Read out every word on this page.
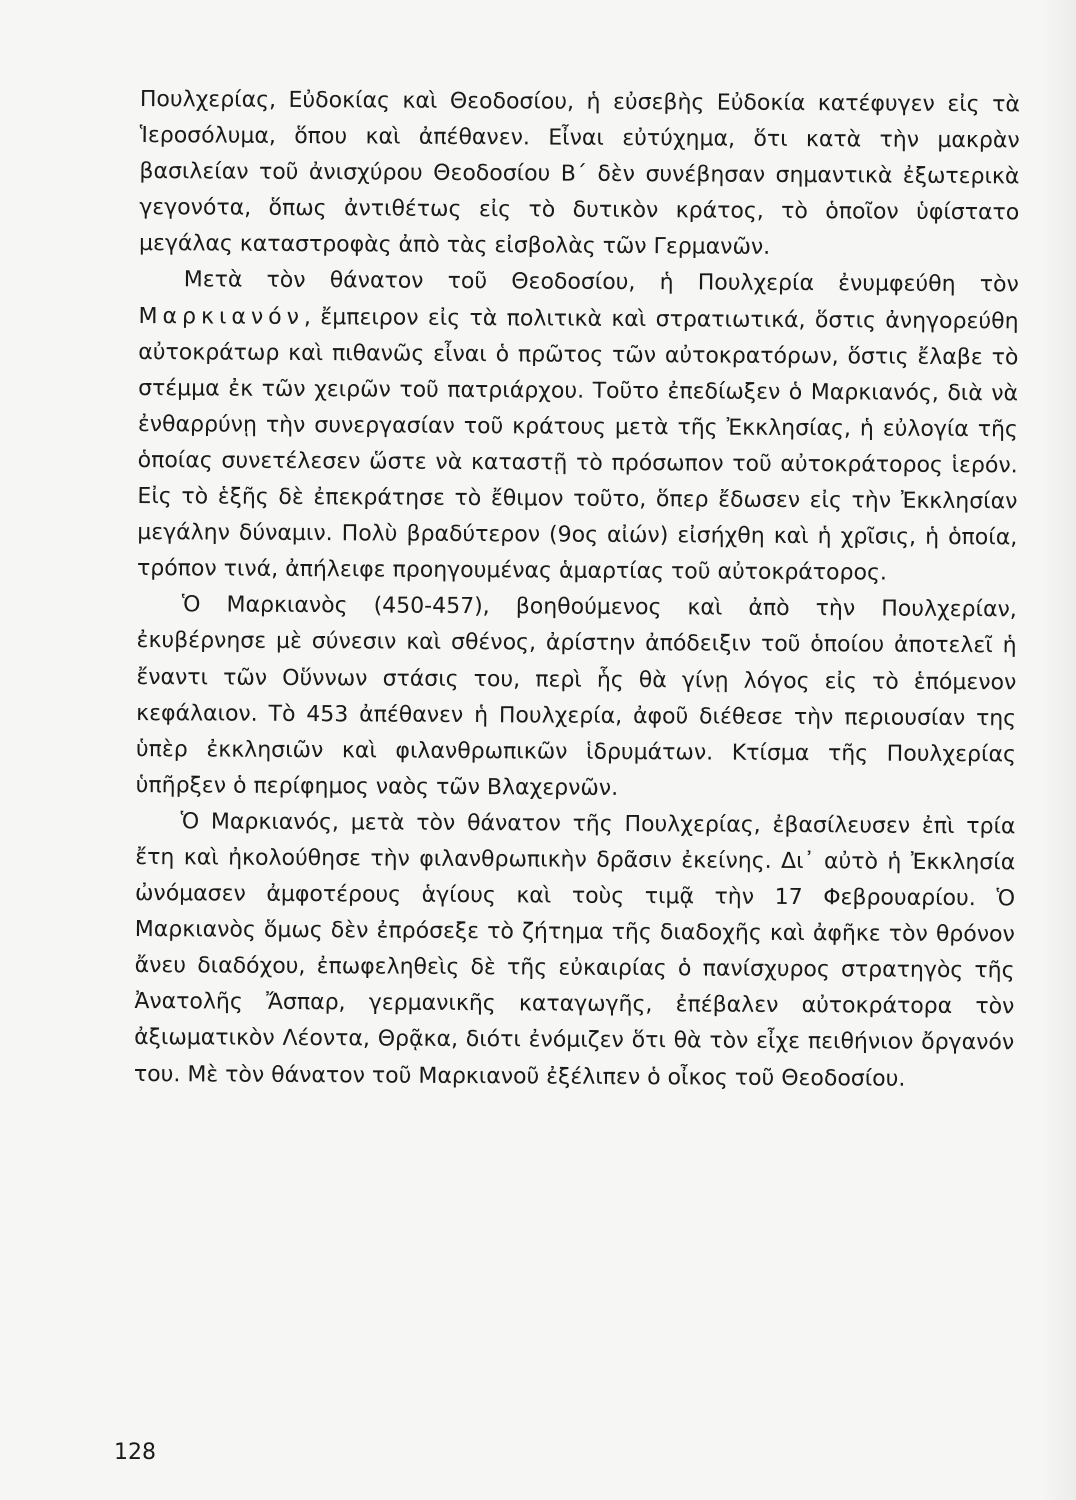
Πουλχερίας, Εὐδοκίας καὶ Θεοδοσίου, ἡ εὐσεβὴς Εὐδοκία κατέφυγεν εἰς τὰ Ἱεροσόλυμα, ὅπου καὶ ἀπέθανεν. Εἶναι εὐτύχημα, ὅτι κατὰ τὴν μακρὰν βασιλείαν τοῦ ἀνισχύρου Θεοδοσίου Β΄ δὲν συνέβησαν σημαντικὰ ἐξωτερικὰ γεγονότα, ὅπως ἀντιθέτως εἰς τὸ δυτικὸν κράτος, τὸ ὁποῖον ὑφίστατο μεγάλας καταστροφὰς ἀπὸ τὰς εἰσβολὰς τῶν Γερμανῶν.

Μετὰ τὸν θάνατον τοῦ Θεοδοσίου, ἡ Πουλχερία ἐνυμφεύθη τὸν Μαρκιανόν, ἔμπειρον εἰς τὰ πολιτικὰ καὶ στρατιωτικά, ὅστις ἀνηγορεύθη αὐτοκράτωρ καὶ πιθανῶς εἶναι ὁ πρῶτος τῶν αὐτοκρατόρων, ὅστις ἔλαβε τὸ στέμμα ἐκ τῶν χειρῶν τοῦ πατριάρχου. Τοῦτο ἐπεδίωξεν ὁ Μαρκιανός, διὰ νὰ ἐνθαρρύνῃ τὴν συνεργασίαν τοῦ κράτους μετὰ τῆς Ἐκκλησίας, ἡ εὐλογία τῆς ὁποίας συνετέλεσεν ὥστε νὰ καταστῇ τὸ πρόσωπον τοῦ αὐτοκράτορος ἱερόν. Εἰς τὸ ἑξῆς δὲ ἐπεκράτησε τὸ ἔθιμον τοῦτο, ὅπερ ἔδωσεν εἰς τὴν Ἐκκλησίαν μεγάλην δύναμιν. Πολὺ βραδύτερον (9ος αἰών) εἰσήχθη καὶ ἡ χρῖσις, ἡ ὁποία, τρόπον τινά, ἀπήλειφε προηγουμένας ἁμαρτίας τοῦ αὐτοκράτορος.

Ὁ Μαρκιανὸς (450-457), βοηθούμενος καὶ ἀπὸ τὴν Πουλχερίαν, ἐκυβέρνησε μὲ σύνεσιν καὶ σθένος, ἀρίστην ἀπόδειξιν τοῦ ὁποίου ἀποτελεῖ ἡ ἔναντι τῶν Οὕννων στάσις του, περὶ ἧς θὰ γίνῃ λόγος εἰς τὸ ἑπόμενον κεφάλαιον. Τὸ 453 ἀπέθανεν ἡ Πουλχερία, ἀφοῦ διέθεσε τὴν περιουσίαν της ὑπὲρ ἐκκλησιῶν καὶ φιλανθρωπικῶν ἱδρυμάτων. Κτίσμα τῆς Πουλχερίας ὑπῆρξεν ὁ περίφημος ναὸς τῶν Βλαχερνῶν.

Ὁ Μαρκιανός, μετὰ τὸν θάνατον τῆς Πουλχερίας, ἐβασίλευσεν ἐπὶ τρία ἔτη καὶ ἠκολούθησε τὴν φιλανθρωπικὴν δρᾶσιν ἐκείνης. Δι᾽ αὐτὸ ἡ Ἐκκλησία ὠνόμασεν ἀμφοτέρους ἁγίους καὶ τοὺς τιμᾷ τὴν 17 Φεβρουαρίου. Ὁ Μαρκιανὸς ὅμως δὲν ἐπρόσεξε τὸ ζήτημα τῆς διαδοχῆς καὶ ἀφῆκε τὸν θρόνον ἄνευ διαδόχου, ἐπωφεληθεὶς δὲ τῆς εὐκαιρίας ὁ πανίσχυρος στρατηγὸς τῆς Ἀνατολῆς Ἄσπαρ, γερμανικῆς καταγωγῆς, ἐπέβαλεν αὐτοκράτορα τὸν ἀξιωματικὸν Λέοντα, Θρᾷκα, διότι ἐνόμιζεν ὅτι θὰ τὸν εἶχε πειθήνιον ὄργανόν του. Μὲ τὸν θάνατον τοῦ Μαρκιανοῦ ἐξέλιπεν ὁ οἶκος τοῦ Θεοδοσίου.

128
